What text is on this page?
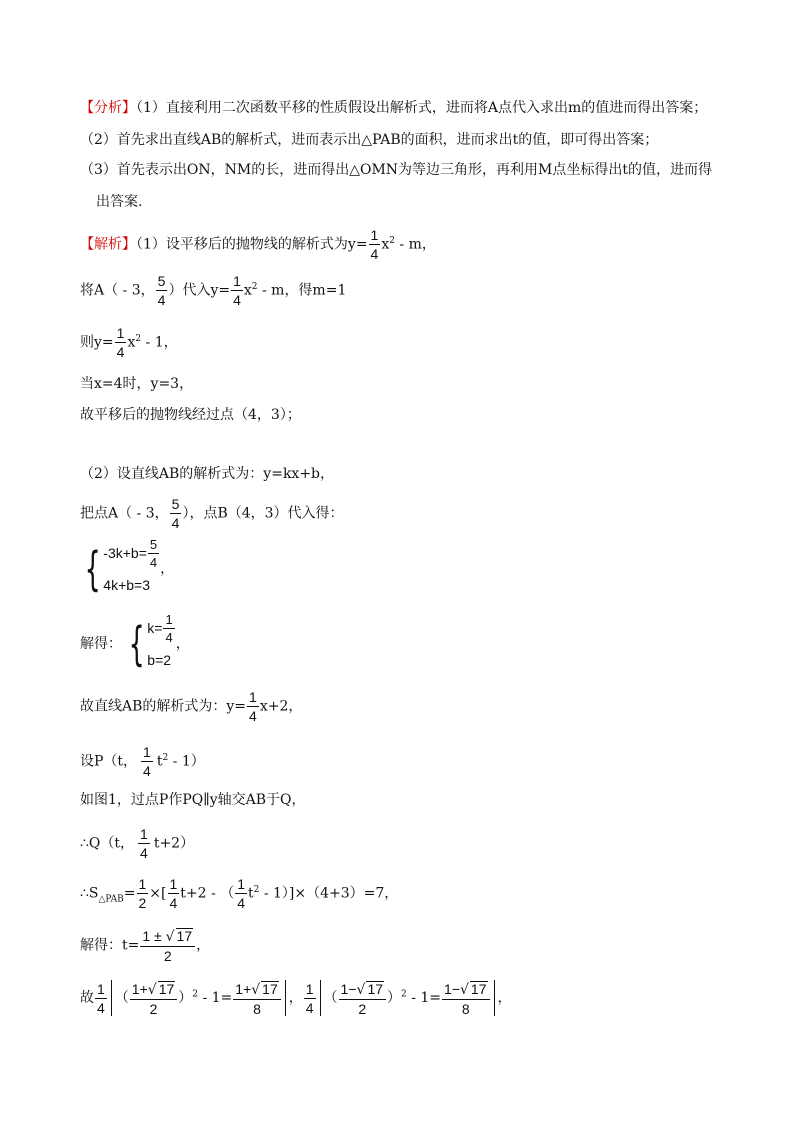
【分析】（1）直接利用二次函数平移的性质假设出解析式，进而将A点代入求出m的值进而得出答案；
（2）首先求出直线AB的解析式，进而表示出△PAB的面积，进而求出t的值，即可得出答案；
（3）首先表示出ON，NM的长，进而得出△OMN为等边三角形，再利用M点坐标得出t的值，进而得
出答案.
【解析】（1）设平移后的抛物线的解析式为$y= \frac{1}{4} x^2 - m$，
将A（ - 3， $\frac{5}{4}$ ）代入$y= \frac{1}{4} x^2 - m$，得m=1
则$y= \frac{1}{4} x^2 - 1$，
当x=4时，y=3，
故平移后的抛物线经过点（4，3）；
（2）设直线AB的解析式为：y=kx+b，
把点A（ - 3， $\frac{5}{4}$ ），点B（4，3）代入得：
{ $-3k+b= \frac{5}{4}$
4k+b=3
，
解得： { $k= \frac{1}{4}$
b=2
，
故直线AB的解析式为：$y= \frac{1}{4} x+2$，
设P（t， $\frac{1}{4} t^2 - 1$）
如图1，过点P作PQ∥y轴交AB于Q，
∴Q（t， $\frac{1}{4} t+2$）
$\therefore S_{\triangle PAB}= \frac{1}{2}$ ×[ $\frac{1}{4} t+2$ - （ $\frac{1}{4} t^2 - 1)]\times(4+3)=7$，
解得：$t= \frac{1 \pm √ 17}{2}$ ，
故 $\frac{1}{4}$ （ $\frac{1+√ 17}{2} )^2 - 1= \frac{1+√ 17}{8}$ ， $\frac{1}{4}$ （ $\frac{1-√ 17}{2} )^2 - 1= \frac{1-√ 17}{8}$ ，
